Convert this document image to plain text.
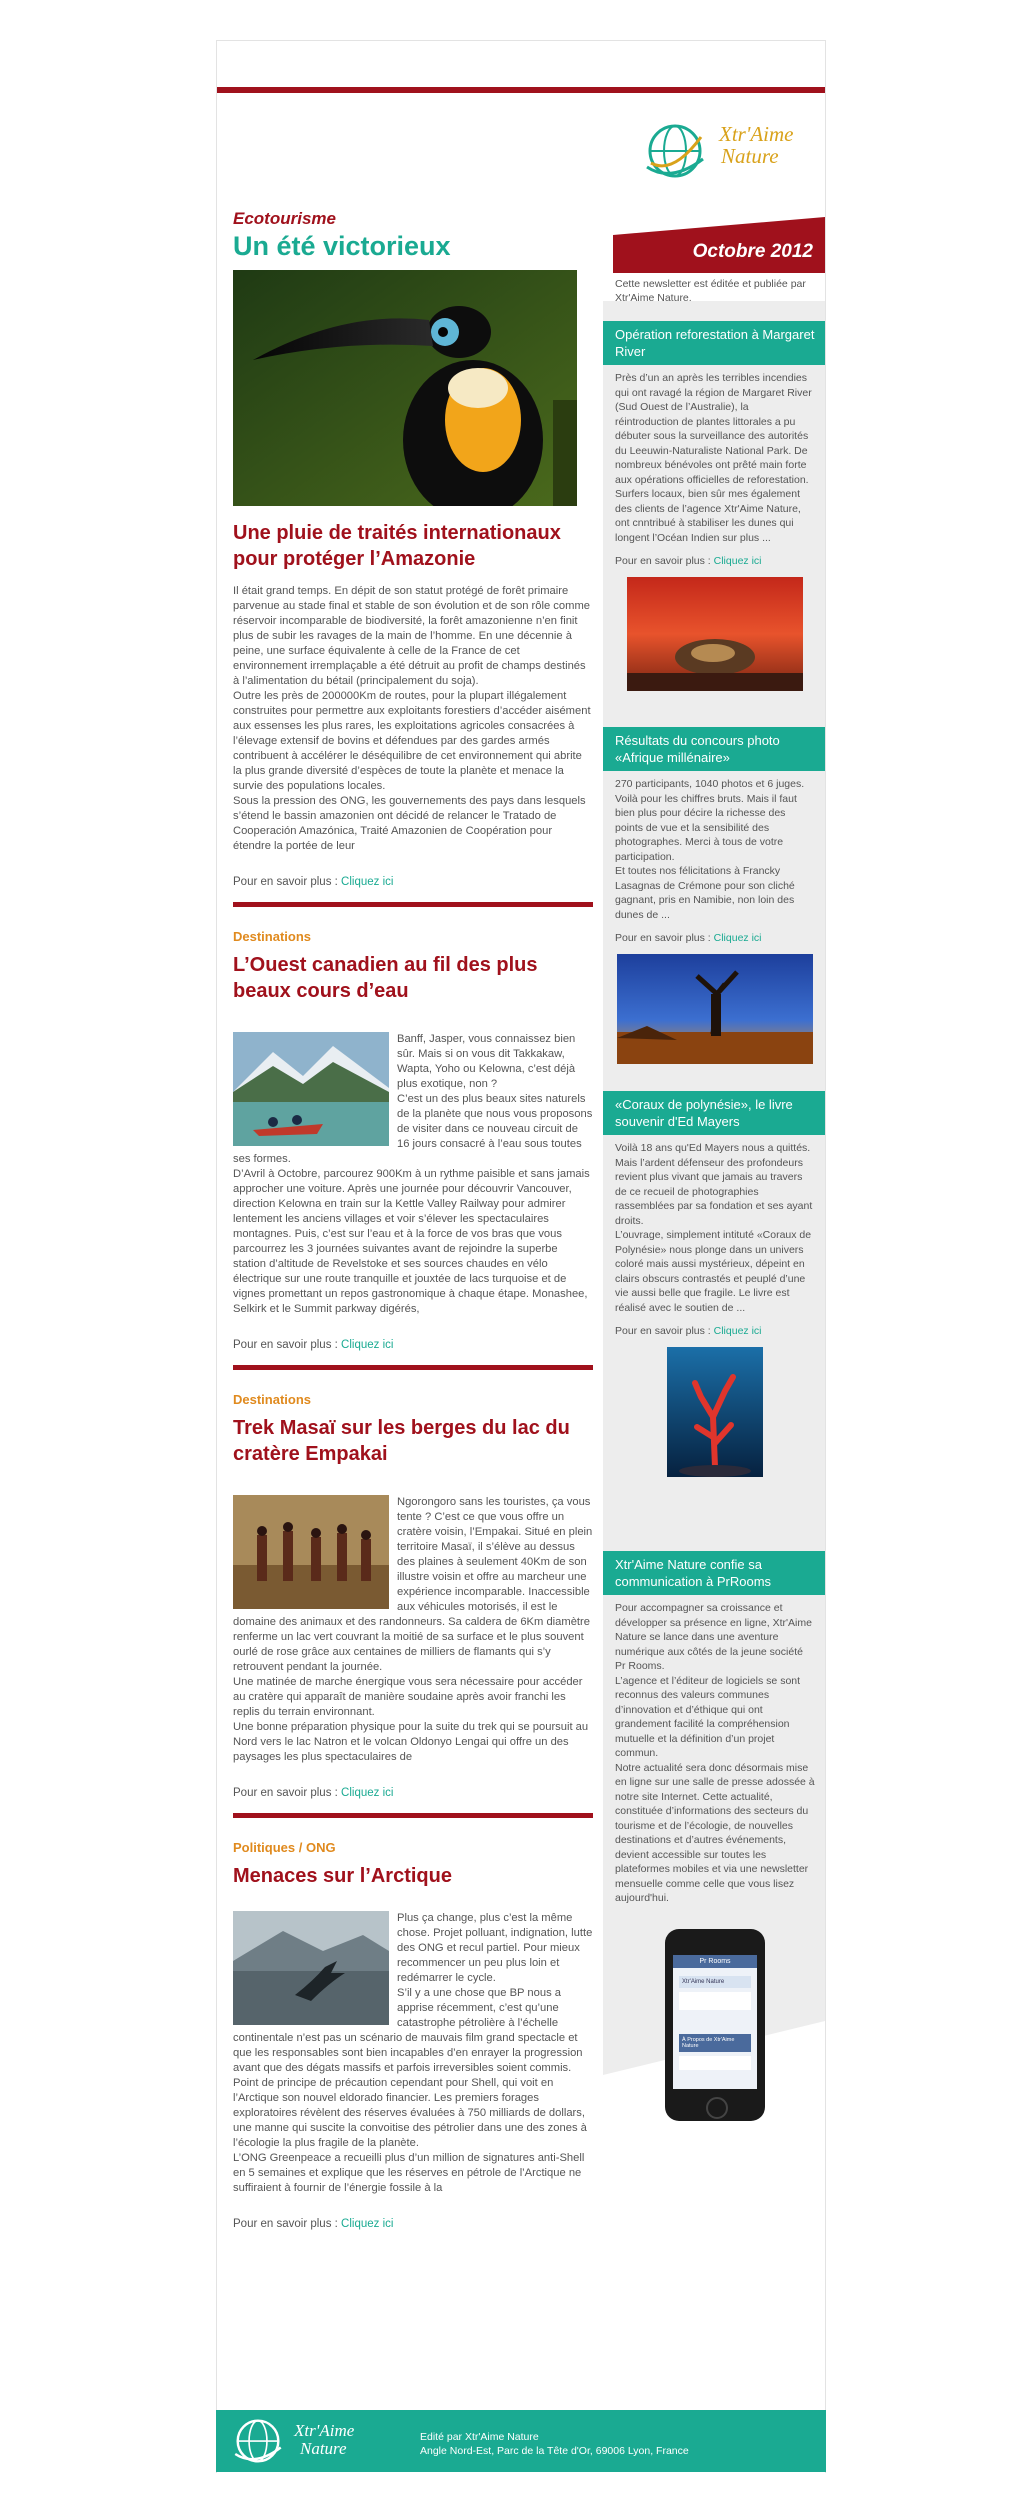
Xtr'Aime
Nature
Octobre 2012
Cette newsletter est éditée et publiée par Xtr'Aime Nature.
Opération reforestation à Margaret River
Près d’un an après les terribles incendies qui ont ravagé la région de Margaret River (Sud Ouest de l’Australie), la réintroduction de plantes littorales a pu débuter sous la surveillance des autorités du Leeuwin-Naturaliste National Park. De nombreux bénévoles ont prêté main forte aux opérations officielles de reforestation. Surfers locaux, bien sûr mes également des clients de l’agence Xtr'Aime Nature, ont cnntribué à stabiliser les dunes qui longent l’Océan Indien sur plus ...
Pour en savoir plus : Cliquez ici
Résultats du concours photo «Afrique millénaire»
270 participants, 1040 photos et 6 juges. Voilà pour les chiffres bruts. Mais il faut bien plus pour décire la richesse des points de vue et la sensibilité des photographes. Merci à tous de votre participation.
Et toutes nos félicitations à Francky Lasagnas de Crémone pour son cliché gagnant, pris en Namibie, non loin des dunes de ...
Pour en savoir plus : Cliquez ici
«Coraux de polynésie», le livre souvenir d'Ed Mayers
Voilà 18 ans qu'Ed Mayers nous a quittés. Mais l’ardent défenseur des profondeurs revient plus vivant que jamais au travers de ce recueil de photographies rassemblées par sa fondation et ses ayant droits.
L’ouvrage, simplement intituté «Coraux de Polynésie» nous plonge dans un univers coloré mais aussi mystérieux, dépeint en clairs obscurs contrastés et peuplé d’une vie aussi belle que fragile. Le livre est réalisé avec le soutien de ...
Pour en savoir plus : Cliquez ici
Xtr'Aime Nature confie sa communication à PrRooms
Pour accompagner sa croissance et développer sa présence en ligne, Xtr'Aime Nature se lance dans une aventure numérique aux côtés de la jeune société Pr Rooms.
L’agence et l’éditeur de logiciels se sont reconnus des valeurs communes d’innovation et d’éthique qui ont grandement facilité la compréhension mutuelle et la définition d’un projet commun.
Notre actualité sera donc désormais mise en ligne sur une salle de presse adossée à notre site Internet. Cette actualité, constituée d’informations des secteurs du tourisme et de l’écologie, de nouvelles destinations et d’autres événements, devient accessible sur toutes les plateformes mobiles et via une newsletter mensuelle comme celle que vous lisez aujourd'hui.
Pr Rooms
Xtr'Aime Nature
À Propos de Xtr'Aime Nature

Ecotourisme

Un été victorieux
Une pluie de traités internationaux pour protéger l’Amazonie

Il était grand temps. En dépit de son statut protégé de forêt primaire parvenue au stade final et stable de son évolution et de son rôle comme réservoir incomparable de biodiversité, la forêt amazonienne n’en finit plus de subir les ravages de la main de l’homme. En une décennie à peine, une surface équivalente à celle de la France de cet environnement irremplaçable a été détruit au profit de champs destinés à l’alimentation du bétail (principalement du soja).
Outre les près de 200000Km de routes, pour la plupart illégalement construites pour permettre aux exploitants forestiers d’accéder aisément aux essenses les plus rares, les exploitations agricoles consacrées à l’élevage extensif de bovins et défendues par des gardes armés contribuent à accélérer le déséquilibre de cet environnement qui abrite la plus grande diversité d’espèces de toute la planète et menace la survie des populations locales.
Sous la pression des ONG, les gouvernements des pays dans lesquels s’étend le bassin amazonien ont décidé de relancer le Tratado de Cooperación Amazónica, Traité Amazonien de Coopération pour étendre la portée de leur

Pour en savoir plus : Cliquez ici
Destinations
L’Ouest canadien au fil des plus beaux cours d’eau

Banff, Jasper, vous connaissez bien sûr. Mais si on vous dit Takkakaw, Wapta, Yoho ou Kelowna, c’est déjà plus exotique, non ?
C’est un des plus beaux sites naturels de la planète que nous vous proposons de visiter dans ce nouveau circuit de 16 jours consacré à l’eau sous toutes ses formes.
D’Avril à Octobre, parcourez 900Km à un rythme paisible et sans jamais approcher une voiture. Après une journée pour découvrir Vancouver, direction Kelowna en train sur la Kettle Valley Railway pour admirer lentement les anciens villages et voir s’élever les spectaculaires montagnes. Puis, c’est sur l’eau et à la force de vos bras que vous parcourrez les 3 journées suivantes avant de rejoindre la superbe station d’altitude de Revelstoke et ses sources chaudes en vélo électrique sur une route tranquille et jouxtée de lacs turquoise et de vignes promettant un repos gastronomique à chaque étape. Monashee, Selkirk et le Summit parkway digérés,

Pour en savoir plus : Cliquez ici
Destinations
Trek Masaï sur les berges du lac du cratère Empakai

Ngorongoro sans les touristes, ça vous tente ? C’est ce que vous offre un cratère voisin, l’Empakai. Situé en plein territoire Masaï, il s’élève au dessus des plaines à seulement 40Km de son illustre voisin et offre au marcheur une expérience incomparable. Inaccessible aux véhicules motorisés, il est le domaine des animaux et des randonneurs. Sa caldera de 6Km diamètre renferme un lac vert couvrant la moitié de sa surface et le plus souvent ourlé de rose grâce aux centaines de milliers de flamants qui s’y retrouvent pendant la journée.
Une matinée de marche énergique vous sera nécessaire pour accéder au cratère qui apparaît de manière soudaine après avoir franchi les replis du terrain environnant.
Une bonne préparation physique pour la suite du trek qui se poursuit au Nord vers le lac Natron et le volcan Oldonyo Lengai qui offre un des paysages les plus spectaculaires de

Pour en savoir plus : Cliquez ici
Politiques / ONG
Menaces sur l’Arctique

Plus ça change, plus c’est la même chose. Projet polluant, indignation, lutte des ONG et recul partiel. Pour mieux recommencer un peu plus loin et redémarrer le cycle.
S’il y a une chose que BP nous a apprise récemment, c’est qu’une catastrophe pétrolière à l’échelle continentale n’est pas un scénario de mauvais film grand spectacle et que les responsables sont bien incapables d’en enrayer la progression avant que des dégats massifs et parfois irreversibles soient commis.
Point de principe de précaution cependant pour Shell, qui voit en l’Arctique son nouvel eldorado financier. Les premiers forages exploratoires révèlent des réserves évaluées à 750 milliards de dollars, une manne qui suscite la convoitise des pétrolier dans une des zones à l’écologie la plus fragile de la planète.
L’ONG Greenpeace a recueilli plus d’un million de signatures anti-Shell en 5 semaines et explique que les réserves en pétrole de l’Arctique ne suffiraient à fournir de l’énergie fossile à la

Pour en savoir plus : Cliquez ici
Xtr'Aime
Nature
Edité par Xtr'Aime Nature
Angle Nord-Est, Parc de la Tête d'Or, 69006 Lyon, France
